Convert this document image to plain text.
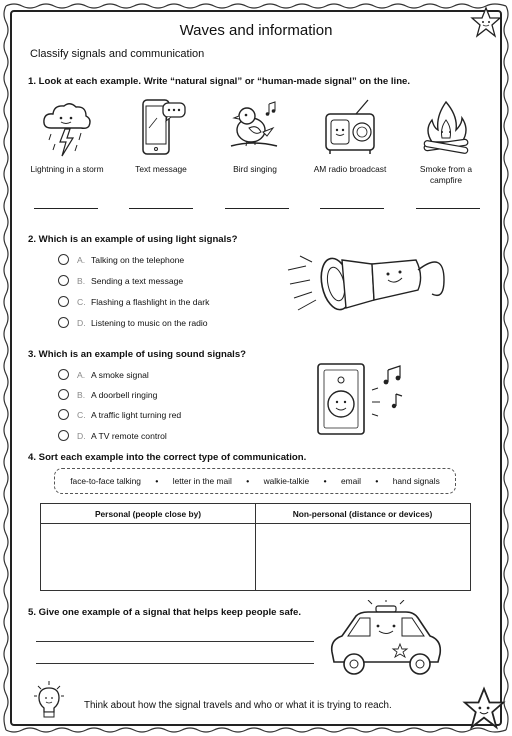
Waves and information
Classify signals and communication
1. Look at each example. Write “natural signal” or “human-made signal” on the line.
Lightning in a storm	Text message	Bird singing	AM radio broadcast	Smoke from a campfire
2. Which is an example of using light signals?
A. Talking on the telephone
B. Sending a text message
C. Flashing a flashlight in the dark
D. Listening to music on the radio
3. Which is an example of using sound signals?
A. A smoke signal
B. A doorbell ringing
C. A traffic light turning red
D. A TV remote control
4. Sort each example into the correct type of communication.
face-to-face talking • letter in the mail • walkie-talkie • email • hand signals
Personal (people close by)	Non-personal (distance or devices)
5. Give one example of a signal that helps keep people safe.
Think about how the signal travels and who or what it is trying to reach.
